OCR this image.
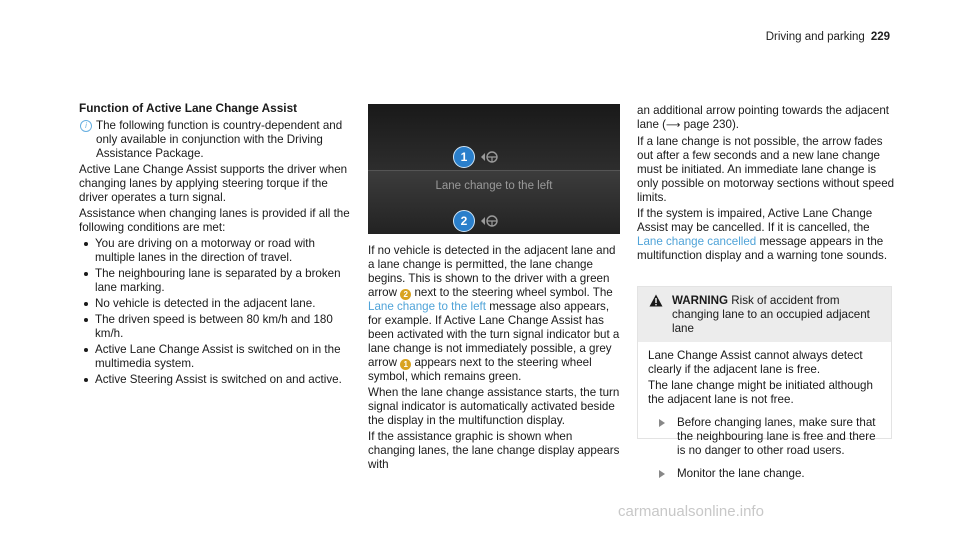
Driving and parking 229
Function of Active Lane Change Assist
i The following function is country-dependent and only available in conjunction with the Driving Assistance Package.

Active Lane Change Assist supports the driver when changing lanes by applying steering torque if the driver operates a turn signal.

Assistance when changing lanes is provided if all the following conditions are met:

You are driving on a motorway or road with multiple lanes in the direction of travel.
The neighbouring lane is separated by a broken lane marking.
No vehicle is detected in the adjacent lane.
The driven speed is between 80 km/h and 180 km/h.
Active Lane Change Assist is switched on in the multimedia system.
Active Steering Assist is switched on and active.
1
Lane change to the left
2

If no vehicle is detected in the adjacent lane and a lane change is permitted, the lane change begins. This is shown to the driver with a green arrow 2 next to the steering wheel symbol. The Lane change to the left message also appears, for example. If Active Lane Change Assist has been activated with the turn signal indicator but a lane change is not immediately possible, a grey arrow 1 appears next to the steering wheel symbol, which remains green.

When the lane change assistance starts, the turn signal indicator is automatically activated beside the display in the multifunction display.

If the assistance graphic is shown when changing lanes, the lane change display appears with

an additional arrow pointing towards the adjacent lane (⟶ page 230).

If a lane change is not possible, the arrow fades out after a few seconds and a new lane change must be initiated. An immediate lane change is only possible on motorway sections without speed limits.

If the system is impaired, Active Lane Change Assist may be cancelled. If it is cancelled, the Lane change cancelled message appears in the multifunction display and a warning tone sounds.

WARNING Risk of accident from changing lane to an occupied adjacent lane

Lane Change Assist cannot always detect clearly if the adjacent lane is free.

The lane change might be initiated although the adjacent lane is not free.

Before changing lanes, make sure that the neighbouring lane is free and there is no danger to other road users.
Monitor the lane change.
carmanualsonline.info
